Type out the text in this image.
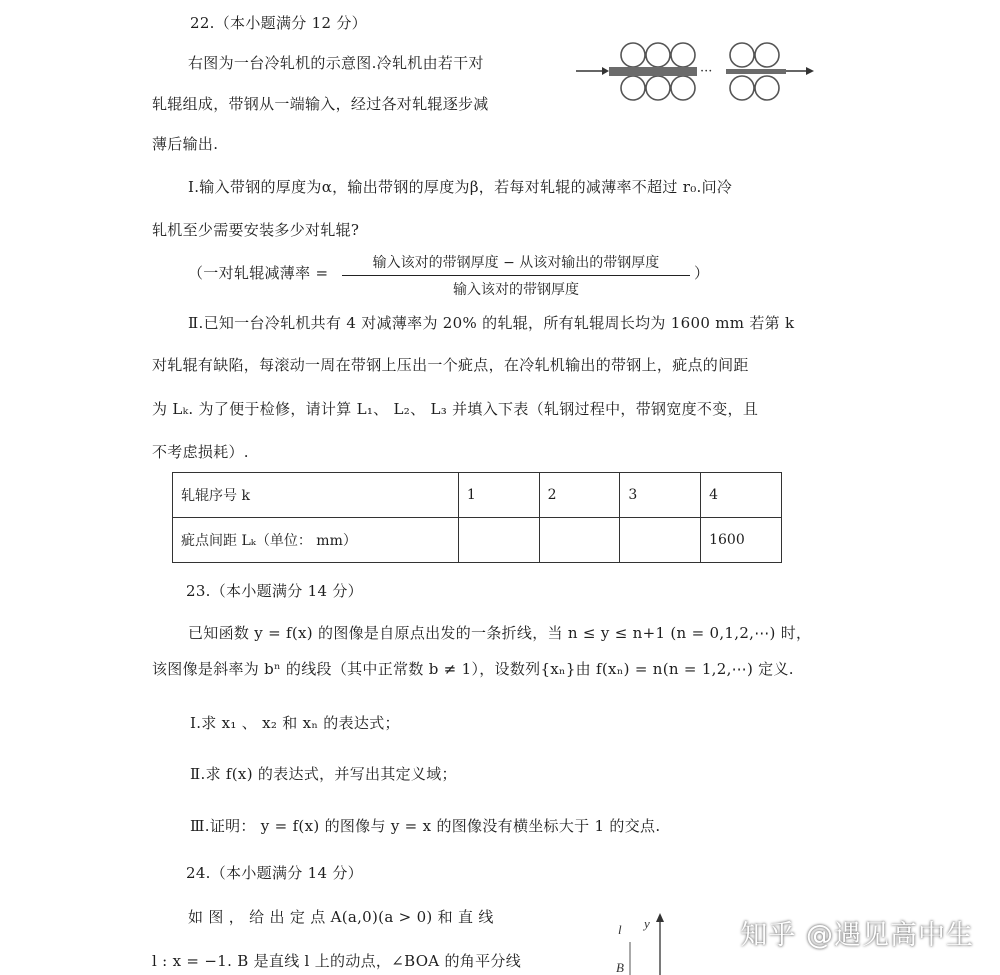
22.（本小题满分 12 分）
右图为一台冷轧机的示意图.冷轧机由若干对
轧辊组成，带钢从一端输入，经过各对轧辊逐步减
薄后输出.
···
Ⅰ.输入带钢的厚度为α，输出带钢的厚度为β，若每对轧辊的减薄率不超过 r₀.问冷
轧机至少需要安装多少对轧辊?
（一对轧辊减薄率 =
输入该对的带钢厚度 − 从该对输出的带钢厚度
输入该对的带钢厚度
）
Ⅱ.已知一台冷轧机共有 4 对减薄率为 20% 的轧辊，所有轧辊周长均为 1600 mm 若第 k
对轧辊有缺陷，每滚动一周在带钢上压出一个疵点，在冷轧机输出的带钢上，疵点的间距
为 Lₖ. 为了便于检修，请计算 L₁、 L₂、 L₃ 并填入下表（轧钢过程中，带钢宽度不变，且
不考虑损耗）.
轧辊序号 k	1	2	3	4
疵点间距 Lₖ（单位： mm）				1600
23.（本小题满分 14 分）
已知函数 y = f(x) 的图像是自原点出发的一条折线，当 n ≤ y ≤ n+1 (n = 0,1,2,⋯) 时，
该图像是斜率为 bⁿ 的线段（其中正常数 b ≠ 1），设数列{xₙ}由 f(xₙ) = n(n = 1,2,⋯) 定义.
Ⅰ.求 x₁ 、 x₂ 和 xₙ 的表达式；
Ⅱ.求 f(x) 的表达式，并写出其定义域；
Ⅲ.证明： y = f(x) 的图像与 y = x 的图像没有横坐标大于 1 的交点.
24.（本小题满分 14 分）
如 图 ， 给 出 定 点 A(a,0)(a > 0) 和 直 线
l : x = −1. B 是直线 l 上的动点，∠BOA 的角平分线
l y
B
知乎 @遇见高中生
